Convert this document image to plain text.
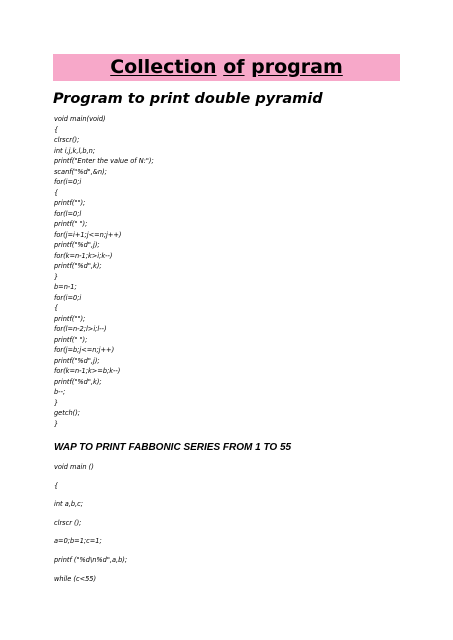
Collection of program
Program to print double pyramid
void main(void)
{
clrscr();
int i,j,k,l,b,n;
printf("Enter the value of N:");
scanf("%d",&n);
for(i=0;i
{
printf("");
for(l=0;l
printf(" ");
for(j=i+1;j<=n;j++)
printf("%d",j);
for(k=n-1;k>i;k--)
printf("%d",k);
}
b=n-1;
for(i=0;i
{
printf("");
for(l=n-2;l>i;l--)
printf(" ");
for(j=b;j<=n;j++)
printf("%d",j);
for(k=n-1;k>=b;k--)
printf("%d",k);
b--;
}
getch();
}
WAP TO PRINT FABBONIC SERIES FROM 1 TO 55
void main ()
{
int a,b,c;
clrscr ();
a=0;b=1;c=1;
printf ("%d\n%d",a,b);
while (c<55)
